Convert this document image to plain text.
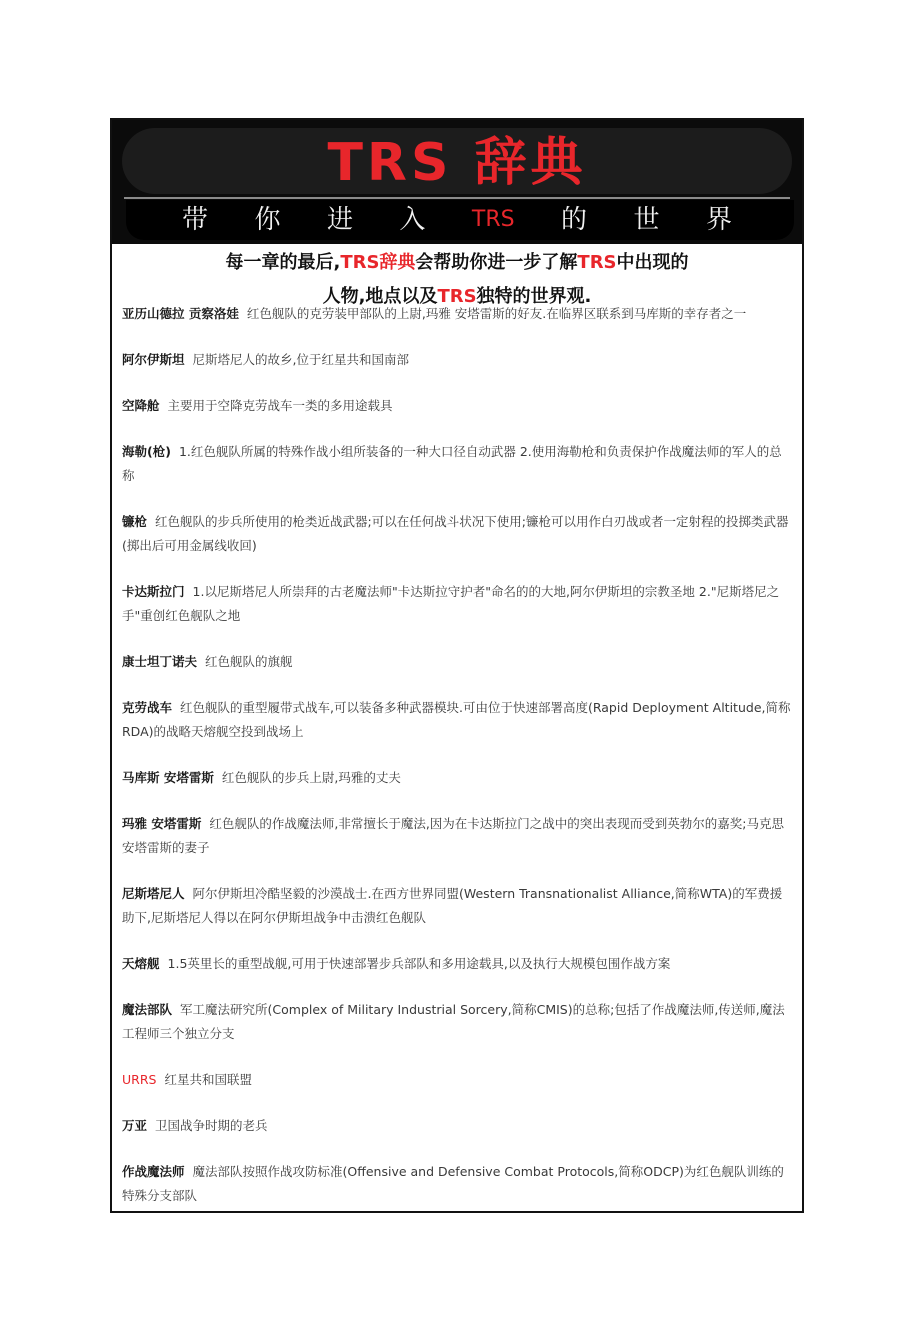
TRS 辞典
带 你 进 入 TRS 的 世 界
每一章的最后,TRS辞典会帮助你进一步了解TRS中出现的
人物,地点以及TRS独特的世界观.
亚历山德拉 贡察洛娃 红色舰队的克劳装甲部队的上尉,玛雅 安塔雷斯的好友.在临界区联系到马库斯的幸存者之一
阿尔伊斯坦 尼斯塔尼人的故乡,位于红星共和国南部
空降舱 主要用于空降克劳战车一类的多用途载具
海勒(枪) 1.红色舰队所属的特殊作战小组所装备的一种大口径自动武器 2.使用海勒枪和负责保护作战魔法师的军人的总称
镰枪 红色舰队的步兵所使用的枪类近战武器;可以在任何战斗状况下使用;镰枪可以用作白刃战或者一定射程的投掷类武器(掷出后可用金属线收回)
卡达斯拉门 1.以尼斯塔尼人所崇拜的古老魔法师"卡达斯拉守护者"命名的的大地,阿尔伊斯坦的宗教圣地 2."尼斯塔尼之手"重创红色舰队之地
康士坦丁诺夫 红色舰队的旗舰
克劳战车 红色舰队的重型履带式战车,可以装备多种武器模块.可由位于快速部署高度(Rapid Deployment Altitude,简称RDA)的战略天熔舰空投到战场上
马库斯 安塔雷斯 红色舰队的步兵上尉,玛雅的丈夫
玛雅 安塔雷斯 红色舰队的作战魔法师,非常擅长于魔法,因为在卡达斯拉门之战中的突出表现而受到英勃尔的嘉奖;马克思 安塔雷斯的妻子
尼斯塔尼人 阿尔伊斯坦冷酷坚毅的沙漠战士.在西方世界同盟(Western Transnationalist Alliance,简称WTA)的军费援助下,尼斯塔尼人得以在阿尔伊斯坦战争中击溃红色舰队
天熔舰 1.5英里长的重型战舰,可用于快速部署步兵部队和多用途载具,以及执行大规模包围作战方案
魔法部队 军工魔法研究所(Complex of Military Industrial Sorcery,简称CMIS)的总称;包括了作战魔法师,传送师,魔法工程师三个独立分支
URRS 红星共和国联盟
万亚 卫国战争时期的老兵
作战魔法师 魔法部队按照作战攻防标准(Offensive and Defensive Combat Protocols,简称ODCP)为红色舰队训练的特殊分支部队
